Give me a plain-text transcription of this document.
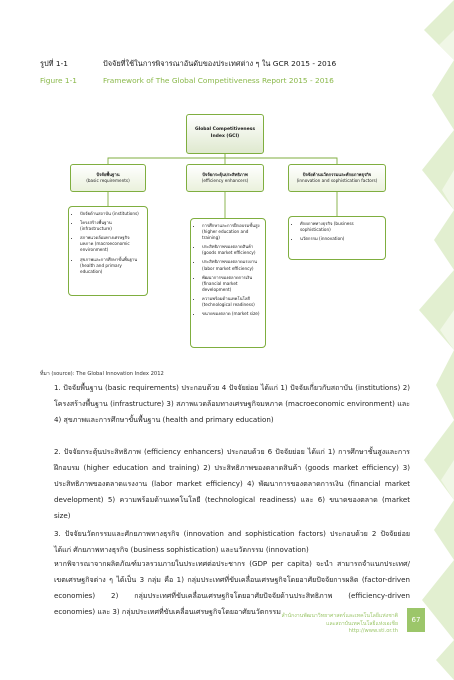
รูปที่ 1-1	ปัจจัยที่ใช้ในการพิจารณาอันดับของประเทศต่าง ๆ ใน GCR 2015 - 2016
Figure 1-1	Framework of The Global Competitiveness Report 2015 - 2016
Global Competitiveness Index (GCI)
ปัจจัยพื้นฐาน
(basic requirements)
ปัจจัยกระตุ้นประสิทธิภาพ
(efficiency enhancers)
ปัจจัยด้านนวัตกรรมและศักยภาพธุรกิจ
(innovation and sophistication factors)
• ปัจจัยด้านสถาบัน (institutions)
• โครงสร้างพื้นฐาน (infrastructure)
• สภาพแวดล้อมทางเศรษฐกิจมหภาค (macroeconomic environment)
• สุขภาพและการศึกษาขั้นพื้นฐาน (health and primary education)
• การศึกษาและการฝึกอบรมชั้นสูง (higher education and training)
• ประสิทธิภาพของตลาดสินค้า (goods market efficiency)
• ประสิทธิภาพของตลาดแรงงาน (labor market efficiency)
• พัฒนาการของตลาดการเงิน (financial market development)
• ความพร้อมด้านเทคโนโลยี (technological readiness)
• ขนาดของตลาด (market size)
• ศักยภาพทางธุรกิจ (business sophistication)
• นวัตกรรม (innovation)
ที่มา (source): The Global Innovation Index 2012
1. ปัจจัยพื้นฐาน (basic requirements) ประกอบด้วย 4 ปัจจัยย่อย ได้แก่ 1) ปัจจัยเกี่ยวกับสถาบัน (institutions) 2) โครงสร้างพื้นฐาน (infrastructure) 3) สภาพแวดล้อมทางเศรษฐกิจมหภาค (macroeconomic environment) และ 4) สุขภาพและการศึกษาขั้นพื้นฐาน (health and primary education)
2. ปัจจัยกระตุ้นประสิทธิภาพ (efficiency enhancers) ประกอบด้วย 6 ปัจจัยย่อย ได้แก่ 1) การศึกษาชั้นสูงและการฝึกอบรม (higher education and training) 2) ประสิทธิภาพของตลาดสินค้า (goods market efficiency) 3) ประสิทธิภาพของตลาดแรงงาน (labor market efficiency) 4) พัฒนาการของตลาดการเงิน (financial market development) 5) ความพร้อมด้านเทคโนโลยี (technological readiness) และ 6) ขนาดของตลาด (market size)
3. ปัจจัยนวัตกรรมและศักยภาพทางธุรกิจ (innovation and sophistication factors) ประกอบด้วย 2 ปัจจัยย่อย ได้แก่ ศักยภาพทางธุรกิจ (business sophistication) และนวัตกรรม (innovation)
หากพิจารณาจากผลิตภัณฑ์มวลรวมภายในประเทศต่อประชากร (GDP per capita) จะนำ สามารถจำแนกประเทศ/เขตเศรษฐกิจต่าง ๆ ได้เป็น 3 กลุ่ม คือ 1) กลุ่มประเทศที่ขับเคลื่อนเศรษฐกิจโดยอาศัยปัจจัยการผลิต (factor-driven economies) 2) กลุ่มประเทศที่ขับเคลื่อนเศรษฐกิจโดยอาศัยปัจจัยด้านประสิทธิภาพ (efficiency-driven economies) และ 3) กลุ่มประเทศที่ขับเคลื่อนเศรษฐกิจโดยอาศัยนวัตกรรม สำนักงานพัฒนาวิทยาศาสตร์และเทคโนโลยีแห่งชาติ
และสถาบันเทคโนโลยีแห่งเอเชีย
http://www.sti.or.th
67
